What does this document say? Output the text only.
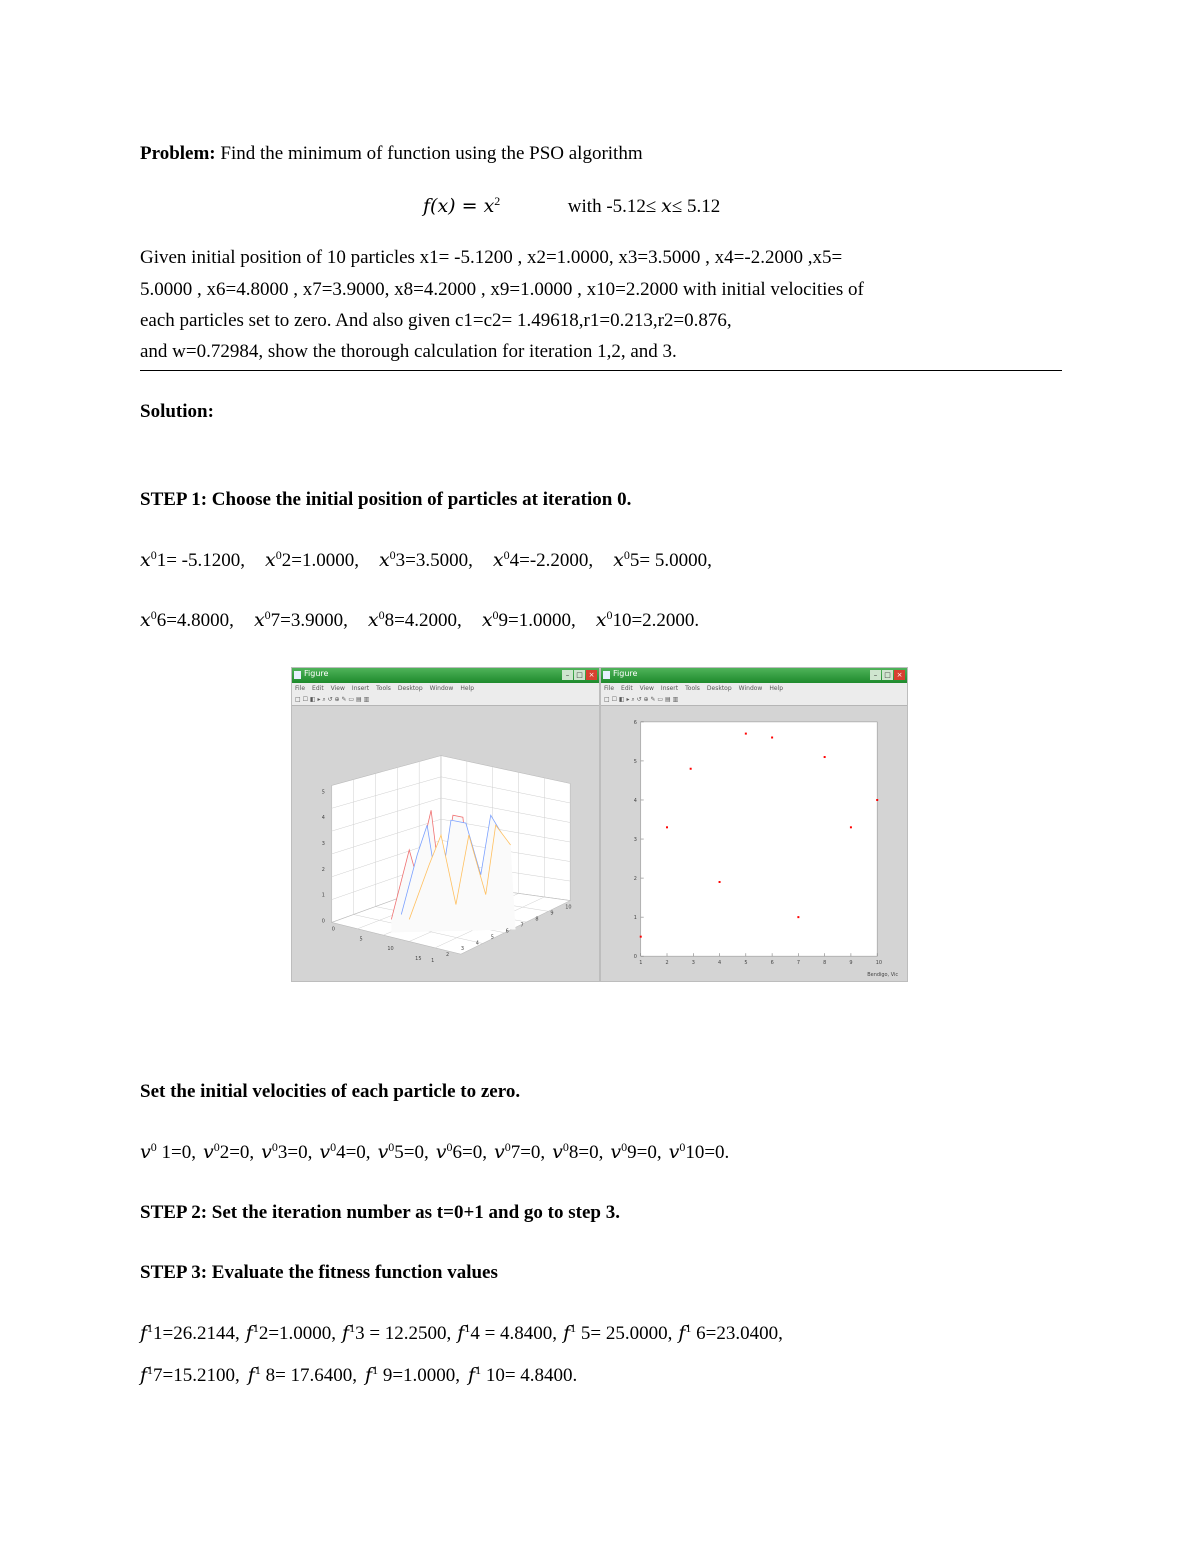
Problem: Find the minimum of function using the PSO algorithm
$f(x) = x^2$	with -5.12≤ x≤ 5.12
Given initial position of 10 particles x1= -5.1200 , x2=1.0000, x3=3.5000 , x4=-2.2000 ,x5=
5.0000 , x6=4.8000 , x7=3.9000, x8=4.2000 , x9=1.0000 , x10=2.2000 with initial velocities of
each particles set to zero. And also given c1=c2= 1.49618,r1=0.213,r2=0.876,
and w=0.72984, show the thorough calculation for iteration 1,2, and 3.
Solution:
STEP 1: Choose the initial position of particles at iteration 0.
$x^01= -5.1200$, $x^02=1.0000$, $x^03=3.5000$, $x^04=-2.2000$, $x^05= 5.0000$,
$x^06=4.8000$, $x^07=3.9000$, $x^08=4.2000$, $x^09=1.0000$, $x^010=2.2000$.
Figure	– □ ×
File Edit View Insert Tools Desktop Window Help
□ ☐ ◧ ▸ ⌕ ↺ ⊕ ✎ ▭ ▤ ▥
0
1
2
3
4
5
1
2
3
4
5
6
7
8
9
10
0
5
10
15
Figure	– □ ×
File Edit View Insert Tools Desktop Window Help
□ ☐ ◧ ▸ ⌕ ↺ ⊕ ✎ ▭ ▤ ▥
1	2	3	4	5	6	7	8	9	10
0
1
2
3
4
5
6
Bendigo, Vic
Set the initial velocities of each particle to zero.
$v^0$ 1=0, $v^02=0$, $v^03=0$, $v^04=0$, $v^05=0$, $v^06=0$, $v^07=0$, $v^08=0$, $v^09=0$, $v^010=0$.
STEP 2: Set the iteration number as t=0+1 and go to step 3.
STEP 3: Evaluate the fitness function values
$f^11=26.2144$, $f^12=1.0000$, $f^13 = 12.2500$, $f^14 = 4.8400$, $f^1$ 5= 25.0000, $f^1$ 6=23.0400,
$f^17=15.2100$, $f^1$ 8= 17.6400, $f^1$ 9=1.0000, $f^1$ 10= 4.8400.
